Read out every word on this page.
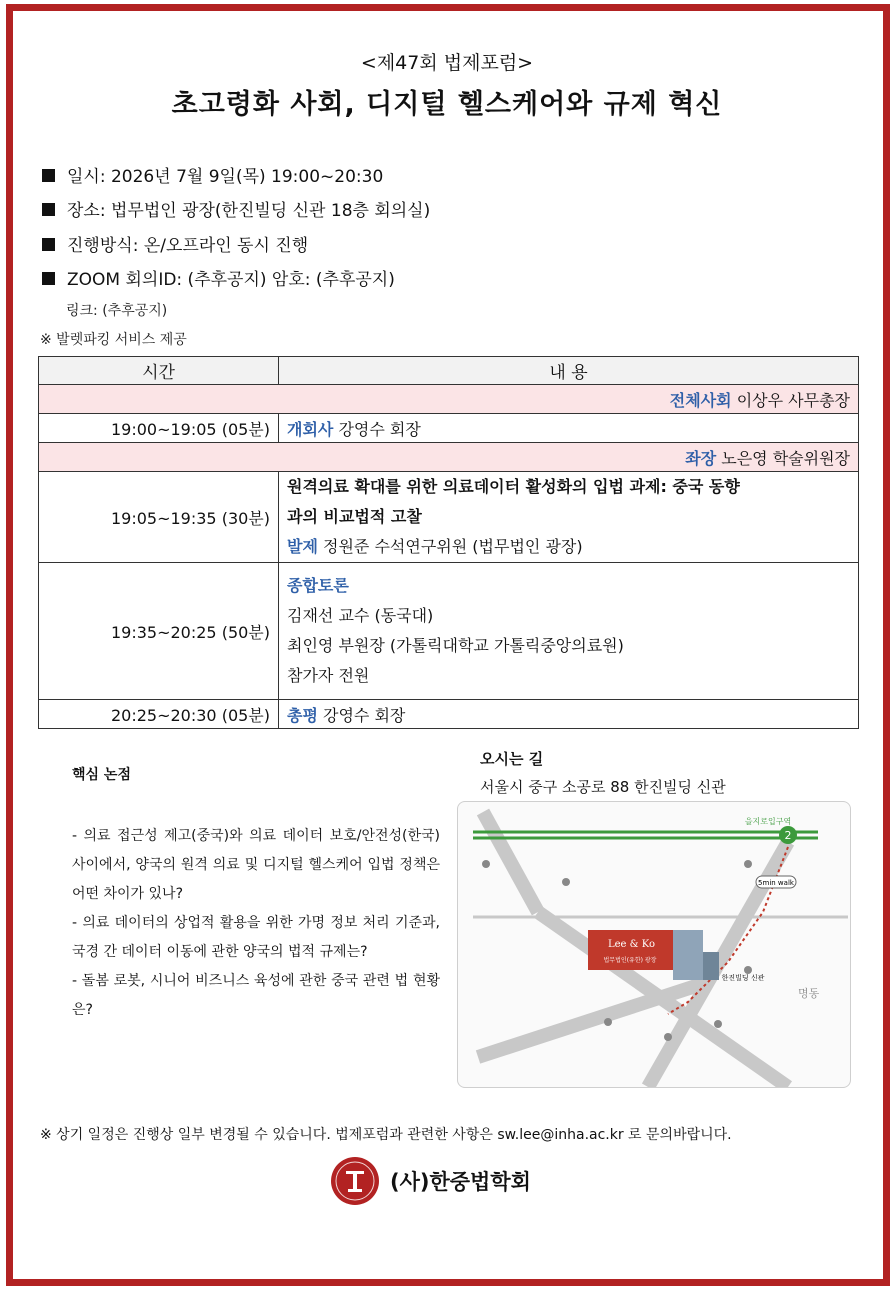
<제47회 법제포럼>
초고령화 사회, 디지털 헬스케어와 규제 혁신
일시: 2026년 7월 9일(목) 19:00~20:30
장소: 법무법인 광장(한진빌딩 신관 18층 회의실)
진행방식: 온/오프라인 동시 진행
ZOOM 회의ID: (추후공지) 암호: (추후공지)
링크: (추후공지)
※ 발렛파킹 서비스 제공
시간	내 용
전체사회 이상우 사무총장	
19:00~19:05 (05분)	개회사 강영수 회장
좌장 노은영 학술위원장	
19:05~19:35 (30분)	원격의료 확대를 위한 의료데이터 활성화의 입법 과제: 중국 동향
과의 비교법적 고찰
발제 정원준 수석연구위원 (법무법인 광장)

19:35~20:25 (50분)	종합토론
김재선 교수 (동국대)
최인영 부원장 (가톨릭대학교 가톨릭중앙의료원)
참가자 전원

20:25~20:30 (05분)	총평 강영수 회장
핵심 논점
- 의료 접근성 제고(중국)와 의료 데이터 보호/안전성(한국) 사이에서, 양국의 원격 의료 및 디지털 헬스케어 입법 정책은 어떤 차이가 있나?
- 의료 데이터의 상업적 활용을 위한 가명 정보 처리 기준과, 국경 간 데이터 이동에 관한 양국의 법적 규제는?
- 돌봄 로봇, 시니어 비즈니스 육성에 관한 중국 관련 법 현황은?
오시는 길
서울시 중구 소공로 88 한진빌딩 신관
2
을지로입구역
5min walk
Lee & Ko
법무법인(유한) 광장
한진빌딩 신관
명동
※ 상기 일정은 진행상 일부 변경될 수 있습니다. 법제포럼과 관련한 사항은 sw.lee@inha.ac.kr 로 문의바랍니다.
(사)한중법학회
